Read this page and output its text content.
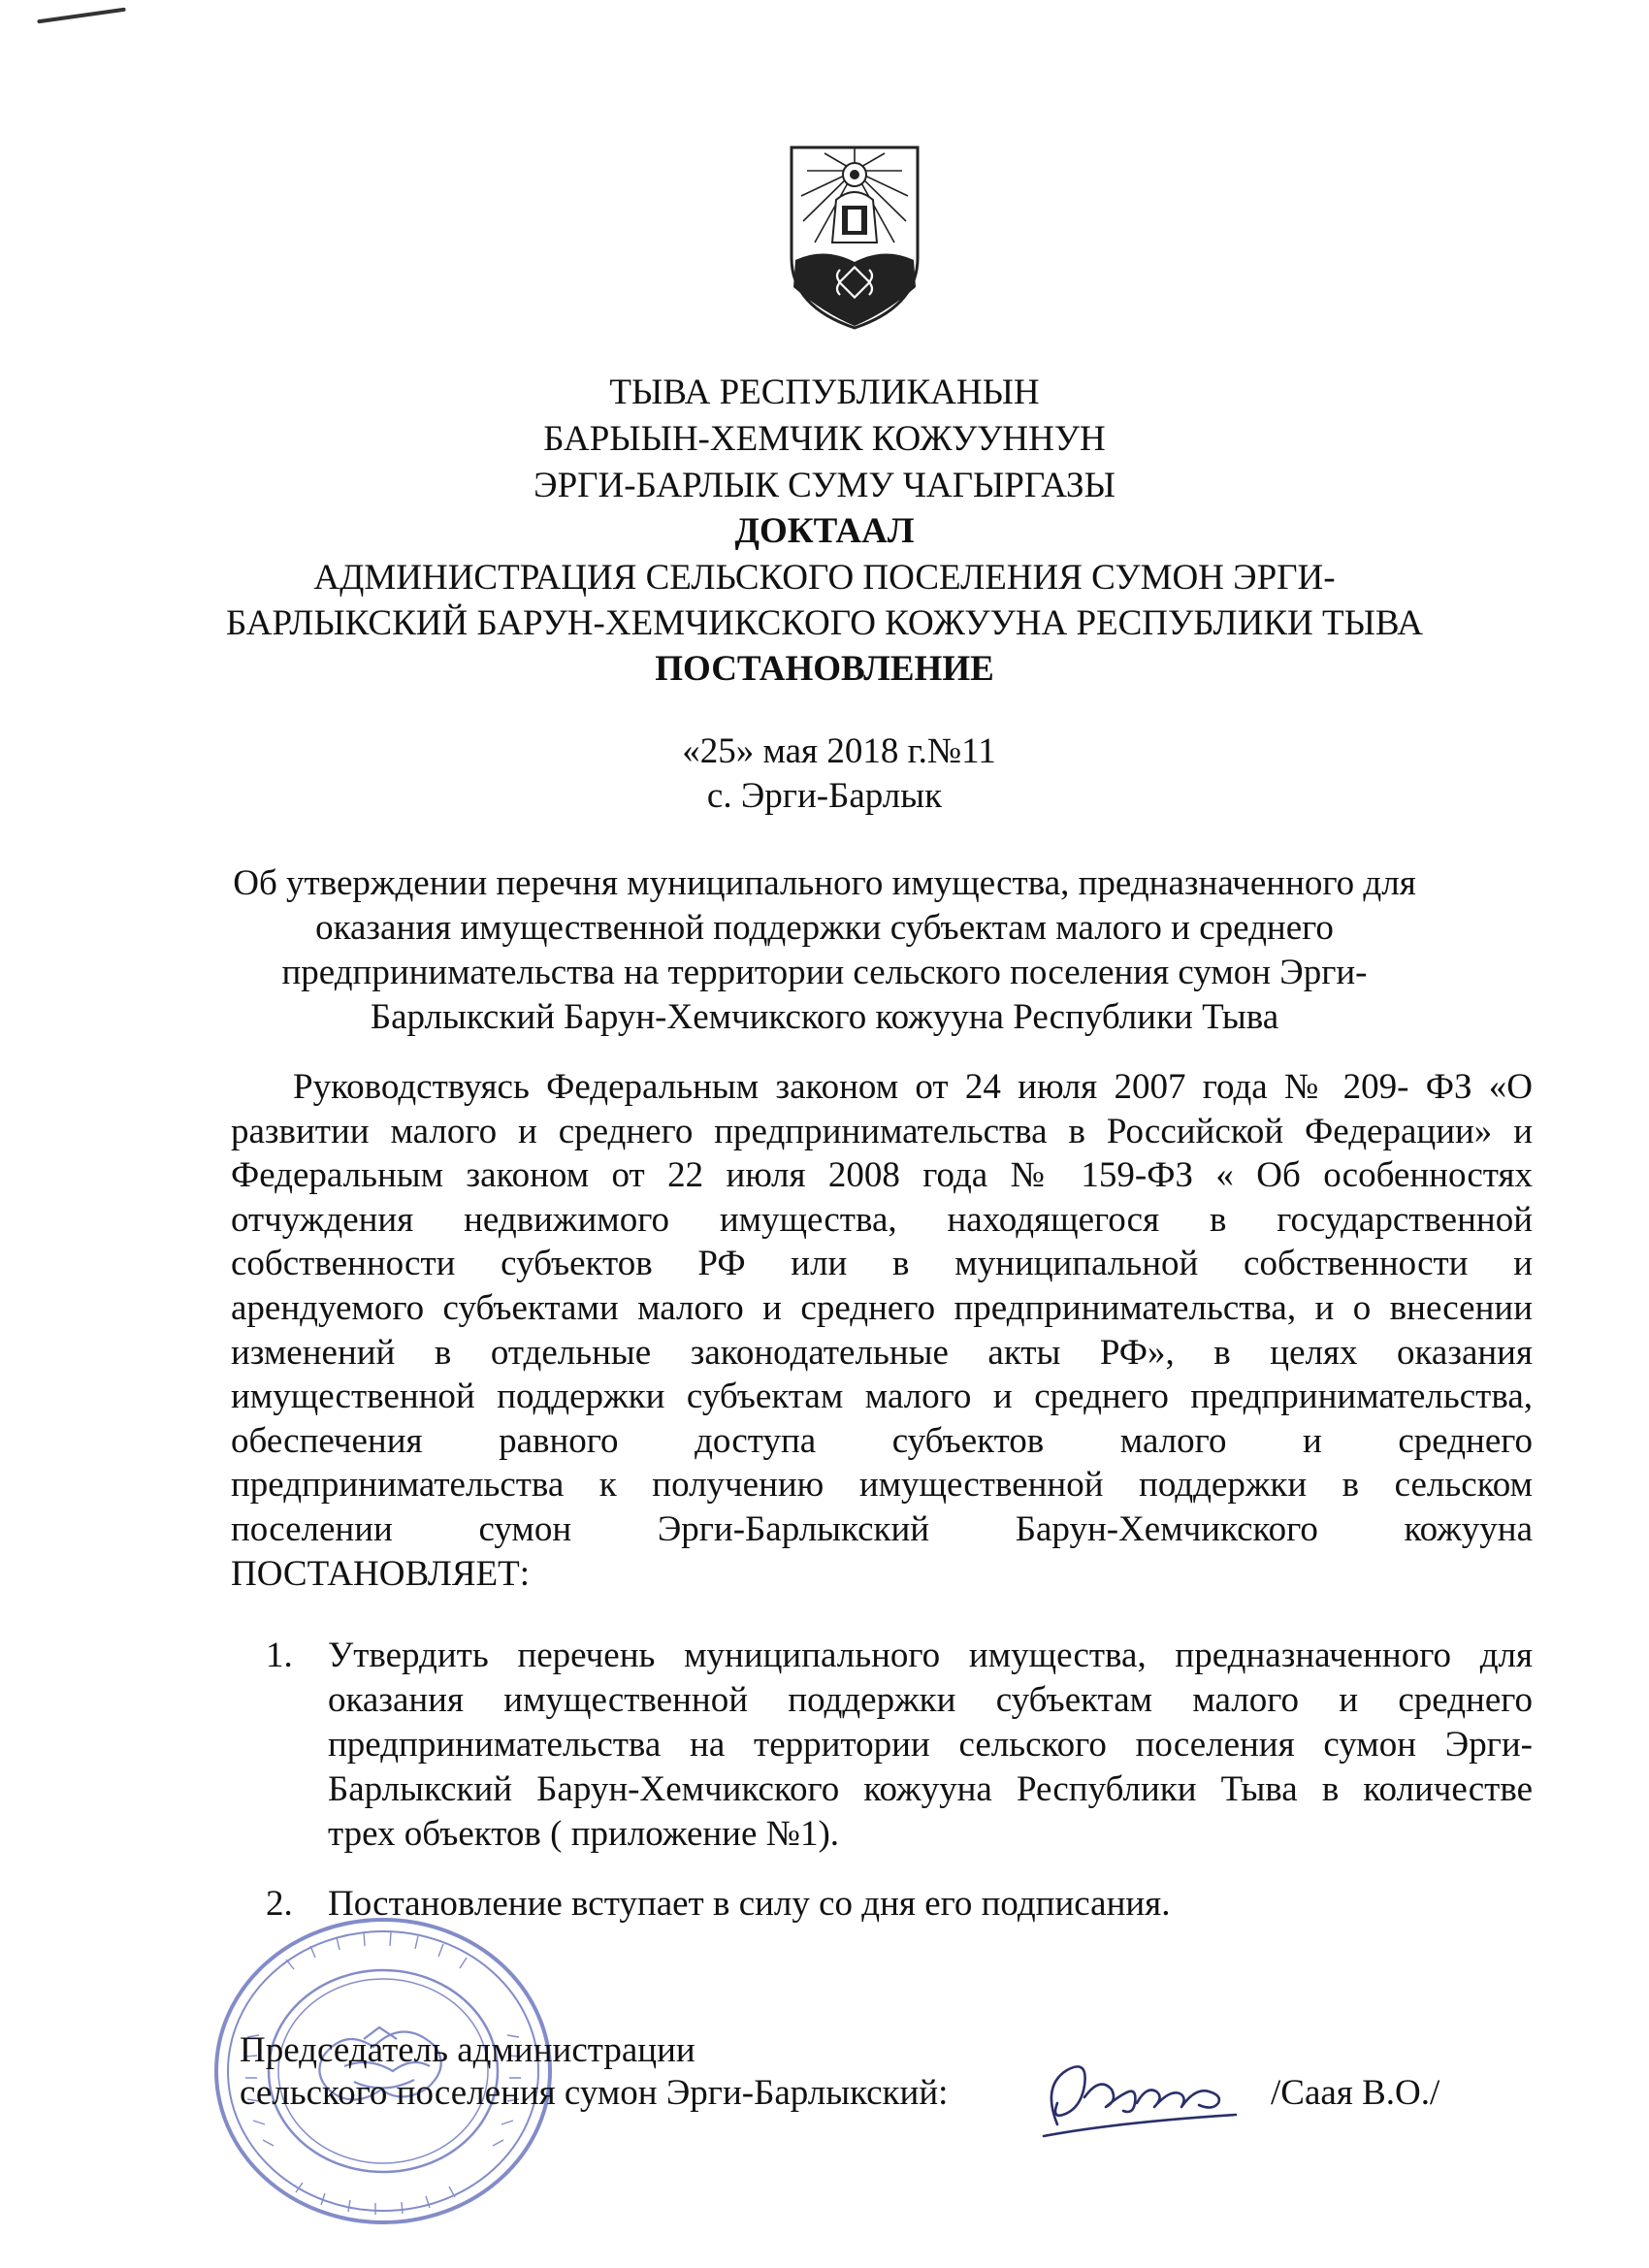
ТЫВА РЕСПУБЛИКАНЫН
БАРЫЫН-ХЕМЧИК КОЖУУННУН
ЭРГИ-БАРЛЫК СУМУ ЧАГЫРГАЗЫ
ДОКТААЛ
АДМИНИСТРАЦИЯ СЕЛЬСКОГО ПОСЕЛЕНИЯ СУМОН ЭРГИ-
БАРЛЫКСКИЙ БАРУН-ХЕМЧИКСКОГО КОЖУУНА РЕСПУБЛИКИ ТЫВА
ПОСТАНОВЛЕНИЕ
«25» мая 2018 г.№11
с. Эрги-Барлык
Об утверждении перечня муниципального имущества, предназначенного для
оказания имущественной поддержки субъектам малого и среднего
предпринимательства на территории сельского поселения сумон Эрги-
Барлыкский Барун-Хемчикского кожууна Республики Тыва
Руководствуясь Федеральным законом от 24 июля 2007 года № 209- ФЗ «О
развитии малого и среднего предпринимательства в Российской Федерации» и
Федеральным законом от 22 июля 2008 года № 159-ФЗ « Об особенностях
отчуждения недвижимого имущества, находящегося в государственной
собственности субъектов РФ или в муниципальной собственности и
арендуемого субъектами малого и среднего предпринимательства, и о внесении
изменений в отдельные законодательные акты РФ», в целях оказания
имущественной поддержки субъектам малого и среднего предпринимательства,
обеспечения равного доступа субъектов малого и среднего
предпринимательства к получению имущественной поддержки в сельском
поселении сумон Эрги-Барлыкский Барун-Хемчикского кожууна
ПОСТАНОВЛЯЕТ:
1. Утвердить перечень муниципального имущества, предназначенного для
оказания имущественной поддержки субъектам малого и среднего
предпринимательства на территории сельского поселения сумон Эрги-
Барлыкский Барун-Хемчикского кожууна Республики Тыва в количестве
трех объектов ( приложение №1).
2. Постановление вступает в силу со дня его подписания.
Председатель администрации
сельского поселения сумон Эрги-Барлыкский:	/Саая В.О./
